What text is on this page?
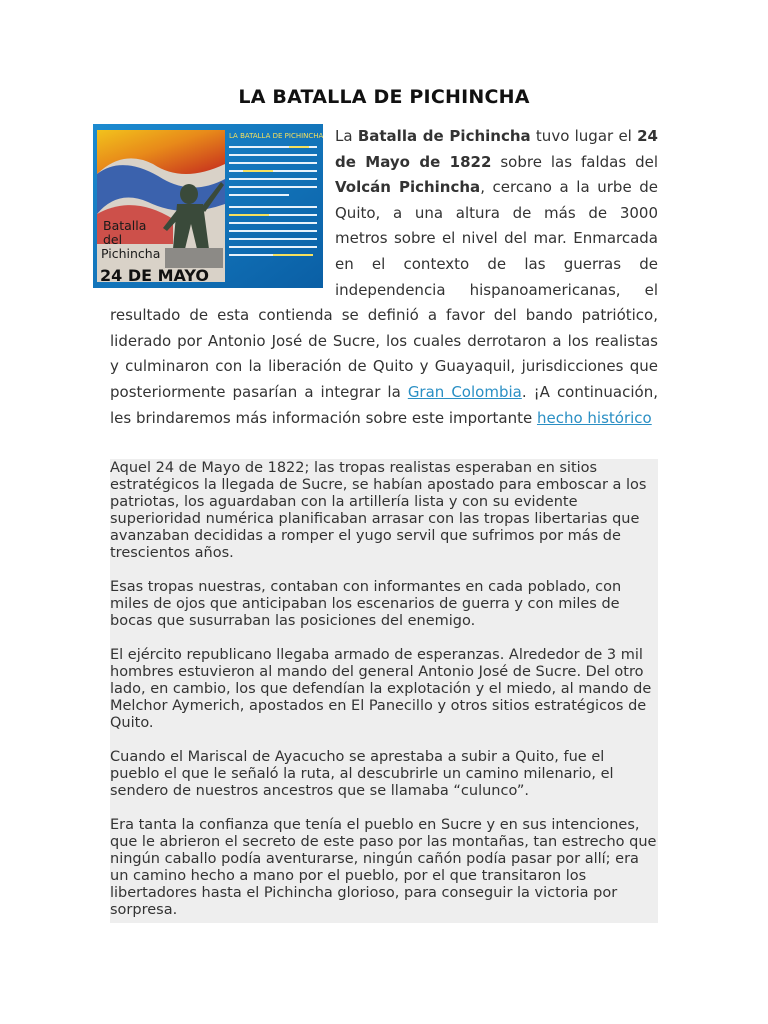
LA BATALLA DE PICHINCHA
Batalla
del
Pichincha
24 DE MAYO
LA BATALLA DE PICHINCHA La Batalla de Pichincha tuvo lugar el 24 de Mayo de 1822 sobre las faldas del Volcán Pichincha, cercano a la urbe de Quito, a una altura de más de 3000 metros sobre el nivel del mar. Enmarcada en el contexto de las guerras de independencia hispanoamericanas, el resultado de esta contienda se definió a favor del bando patriótico, liderado por Antonio José de Sucre, los cuales derrotaron a los realistas y culminaron con la liberación de Quito y Guayaquil, jurisdicciones que posteriormente pasarían a integrar la Gran Colombia. ¡A continuación, les brindaremos más información sobre este importante hecho histórico

Aquel 24 de Mayo de 1822; las tropas realistas esperaban en sitios estratégicos la llegada de Sucre, se habían apostado para emboscar a los patriotas, los aguardaban con la artillería lista y con su evidente superioridad numérica planificaban arrasar con las tropas libertarias que avanzaban decididas a romper el yugo servil que sufrimos por más de trescientos años.

Esas tropas nuestras, contaban con informantes en cada poblado, con miles de ojos que anticipaban los escenarios de guerra y con miles de bocas que susurraban las posiciones del enemigo.

El ejército republicano llegaba armado de esperanzas. Alrededor de 3 mil hombres estuvieron al mando del general Antonio José de Sucre. Del otro lado, en cambio, los que defendían la explotación y el miedo, al mando de Melchor Aymerich, apostados en El Panecillo y otros sitios estratégicos de Quito.

Cuando el Mariscal de Ayacucho se aprestaba a subir a Quito, fue el pueblo el que le señaló la ruta, al descubrirle un camino milenario, el sendero de nuestros ancestros que se llamaba “culunco”.

Era tanta la confianza que tenía el pueblo en Sucre y en sus intenciones, que le abrieron el secreto de este paso por las montañas, tan estrecho que ningún caballo podía aventurarse, ningún cañón podía pasar por allí; era un camino hecho a mano por el pueblo, por el que transitaron los libertadores hasta el Pichincha glorioso, para conseguir la victoria por sorpresa.
